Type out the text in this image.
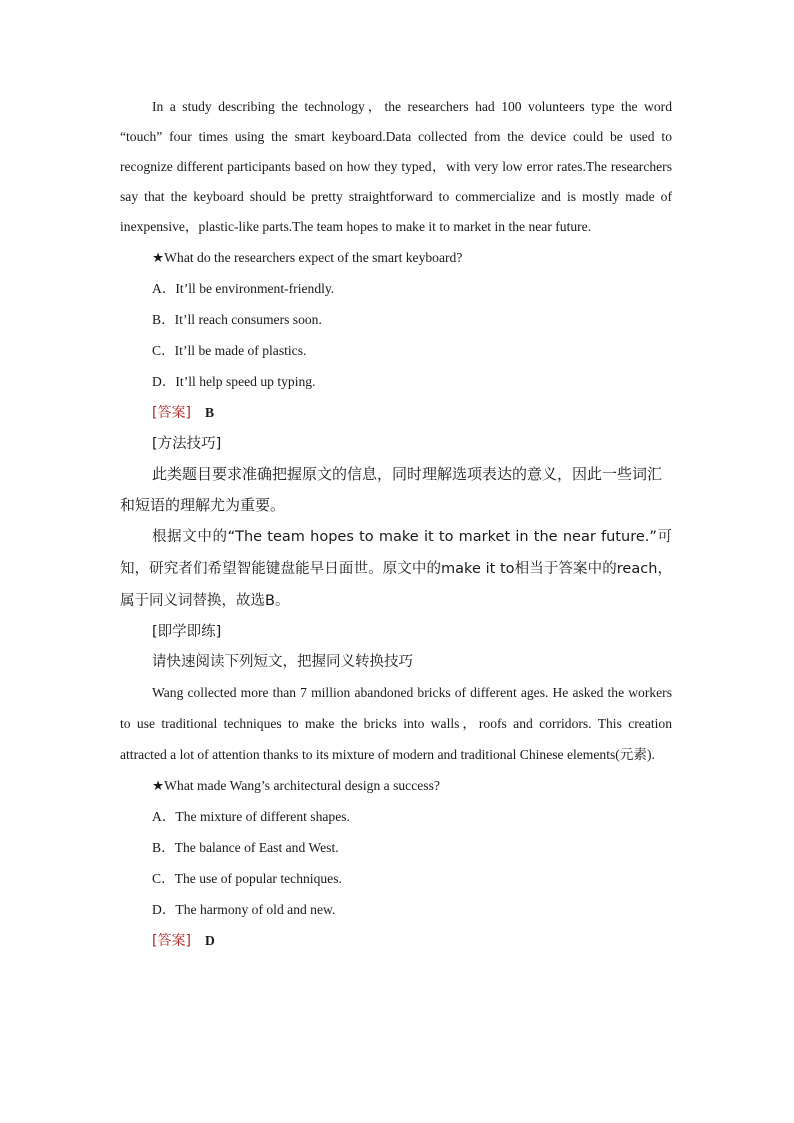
In a study describing the technology，the researchers had 100 volunteers type the word “touch” four times using the smart keyboard.Data collected from the device could be used to recognize different participants based on how they typed，with very low error rates.The researchers say that the keyboard should be pretty straightforward to commercialize and is mostly made of inexpensive，plastic-like parts.The team hopes to make it to market in the near future.

★What do the researchers expect of the smart keyboard?

A．It’ll be environment-friendly.

B．It’ll reach consumers soon.

C．It’ll be made of plastics.

D．It’ll help speed up typing.

[答案] B

[方法技巧]

此类题目要求准确把握原文的信息，同时理解选项表达的意义，因此一些词汇和短语的理解尤为重要。

根据文中的“The team hopes to make it to market in the near future.”可知，研究者们希望智能键盘能早日面世。原文中的make it to相当于答案中的reach，属于同义词替换，故选B。

[即学即练]

请快速阅读下列短文，把握同义转换技巧

Wang collected more than 7 million abandoned bricks of different ages. He asked the workers to use traditional techniques to make the bricks into walls，roofs and corridors. This creation attracted a lot of attention thanks to its mixture of modern and traditional Chinese elements(元素).

★What made Wang’s architectural design a success?

A．The mixture of different shapes.

B．The balance of East and West.

C．The use of popular techniques.

D．The harmony of old and new.

[答案] D
